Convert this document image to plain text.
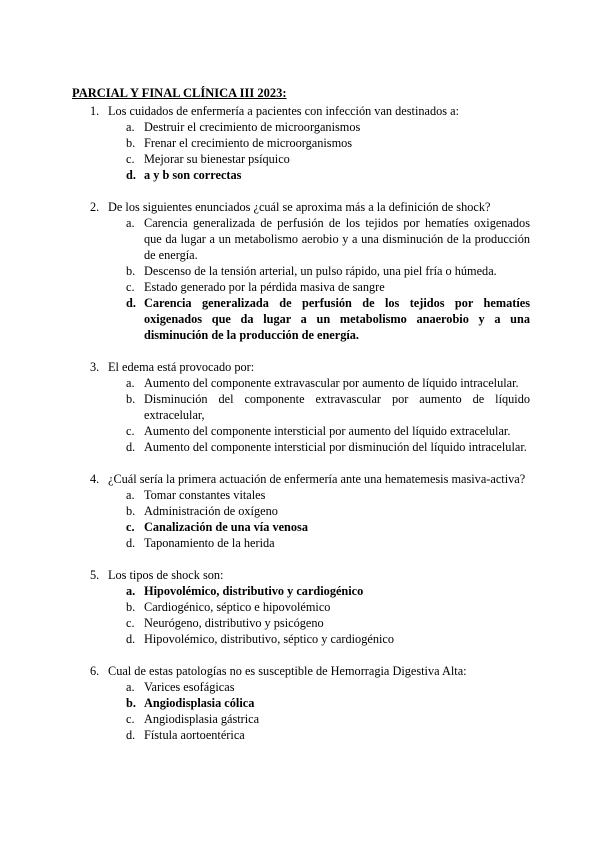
PARCIAL Y FINAL CLÍNICA III 2023:
1. Los cuidados de enfermería a pacientes con infección van destinados a:
a. Destruir el crecimiento de microorganismos
b. Frenar el crecimiento de microorganismos
c. Mejorar su bienestar psíquico
d. a y b son correctas
2. De los siguientes enunciados ¿cuál se aproxima más a la definición de shock?
a. Carencia generalizada de perfusión de los tejidos por hematíes oxigenados que da lugar a un metabolismo aerobio y a una disminución de la producción de energía.
b. Descenso de la tensión arterial, un pulso rápido, una piel fría o húmeda.
c. Estado generado por la pérdida masiva de sangre
d. Carencia generalizada de perfusión de los tejidos por hematíes oxigenados que da lugar a un metabolismo anaerobio y a una disminución de la producción de energía.
3. El edema está provocado por:
a. Aumento del componente extravascular por aumento de líquido intracelular.
b. Disminución del componente extravascular por aumento de líquido extracelular,
c. Aumento del componente intersticial por aumento del líquido extracelular.
d. Aumento del componente intersticial por disminución del líquido intracelular.
4. ¿Cuál sería la primera actuación de enfermería ante una hematemesis masiva-activa?
a. Tomar constantes vitales
b. Administración de oxígeno
c. Canalización de una vía venosa
d. Taponamiento de la herida
5. Los tipos de shock son:
a. Hipovolémico, distributivo y cardiogénico
b. Cardiogénico, séptico e hipovolémico
c. Neurógeno, distributivo y psicógeno
d. Hipovolémico, distributivo, séptico y cardiogénico
6. Cual de estas patologías no es susceptible de Hemorragia Digestiva Alta:
a. Varices esofágicas
b. Angiodisplasia cólica
c. Angiodisplasia gástrica
d. Fístula aortoentérica
